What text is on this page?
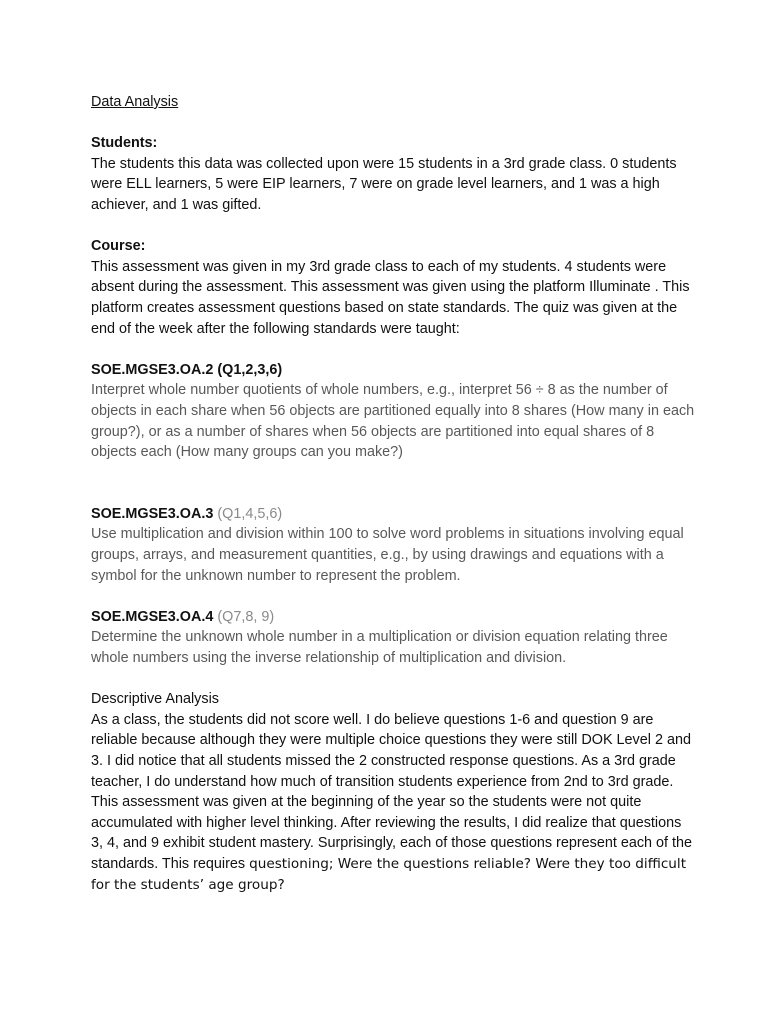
Data Analysis

Students:

The students this data was collected upon were 15 students in a 3rd grade class. 0 students were ELL learners, 5 were EIP learners, 7 were on grade level learners, and 1 was a high achiever, and 1 was gifted.

Course:

This assessment was given in my 3rd grade class to each of my students. 4 students were absent during the assessment. This assessment was given using the platform Illuminate . This platform creates assessment questions based on state standards. The quiz was given at the end of the week after the following standards were taught:

SOE.MGSE3.OA.2 (Q1,2,3,6)

Interpret whole number quotients of whole numbers, e.g., interpret 56 ÷ 8 as the number of objects in each share when 56 objects are partitioned equally into 8 shares (How many in each group?), or as a number of shares when 56 objects are partitioned into equal shares of 8 objects each (How many groups can you make?)

SOE.MGSE3.OA.3 (Q1,4,5,6)

Use multiplication and division within 100 to solve word problems in situations involving equal groups, arrays, and measurement quantities, e.g., by using drawings and equations with a symbol for the unknown number to represent the problem.

SOE.MGSE3.OA.4 (Q7,8, 9)

Determine the unknown whole number in a multiplication or division equation relating three whole numbers using the inverse relationship of multiplication and division.

Descriptive Analysis

As a class, the students did not score well. I do believe questions 1-6 and question 9 are reliable because although they were multiple choice questions they were still DOK Level 2 and 3. I did notice that all students missed the 2 constructed response questions. As a 3rd grade teacher, I do understand how much of transition students experience from 2nd to 3rd grade. This assessment was given at the beginning of the year so the students were not quite accumulated with higher level thinking. After reviewing the results, I did realize that questions 3, 4, and 9 exhibit student mastery. Surprisingly, each of those questions represent each of the standards. This requires questioning; Were the questions reliable? Were they too difficult for the students’ age group?
